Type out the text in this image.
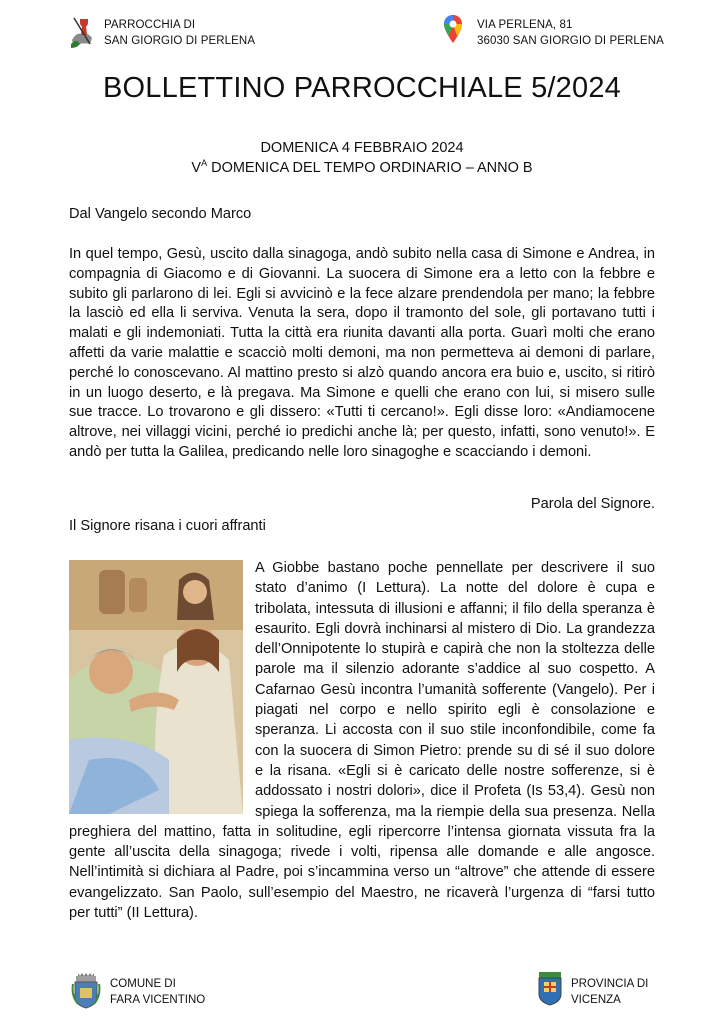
PARROCCHIA DI
SAN GIORGIO DI PERLENA
VIA PERLENA, 81
36030 SAN GIORGIO DI PERLENA
BOLLETTINO PARROCCHIALE 5/2024
DOMENICA 4 FEBBRAIO 2024
$V^A$ DOMENICA DEL TEMPO ORDINARIO – ANNO B
Dal Vangelo secondo Marco
In quel tempo, Gesù, uscito dalla sinagoga, andò subito nella casa di Simone e Andrea, in compagnia di Giacomo e di Giovanni. La suocera di Simone era a letto con la febbre e subito gli parlarono di lei. Egli si avvicinò e la fece alzare prendendola per mano; la febbre la lasciò ed ella li serviva. Venuta la sera, dopo il tramonto del sole, gli portavano tutti i malati e gli indemoniati. Tutta la città era riunita davanti alla porta. Guarì molti che erano affetti da varie malattie e scacciò molti demoni, ma non permetteva ai demoni di parlare, perché lo conoscevano. Al mattino presto si alzò quando ancora era buio e, uscito, si ritirò in un luogo deserto, e là pregava. Ma Simone e quelli che erano con lui, si misero sulle sue tracce. Lo trovarono e gli dissero: «Tutti ti cercano!». Egli disse loro: «Andiamocene altrove, nei villaggi vicini, perché io predichi anche là; per questo, infatti, sono venuto!». E andò per tutta la Galilea, predicando nelle loro sinagoghe e scacciando i demoni.
Parola del Signore.
Il Signore risana i cuori affranti
A Giobbe bastano poche pennellate per descrivere il suo stato d’animo (I Lettura). La notte del dolore è cupa e tribolata, intessuta di illusioni e affanni; il filo della speranza è esaurito. Egli dovrà inchinarsi al mistero di Dio. La grandezza dell’Onnipotente lo stupirà e capirà che non la stoltezza delle parole ma il silenzio adorante s’addice al suo cospetto. A Cafarnao Gesù incontra l’umanità sofferente (Vangelo). Per i piagati nel corpo e nello spirito egli è consolazione e speranza. Li accosta con il suo stile inconfondibile, come fa con la suocera di Simon Pietro: prende su di sé il suo dolore e la risana. «Egli si è caricato delle nostre sofferenze, si è addossato i nostri dolori», dice il Profeta (Is 53,4). Gesù non spiega la sofferenza, ma la riempie della sua presenza. Nella preghiera del mattino, fatta in solitudine, egli ripercorre l’intensa giornata vissuta fra la gente all’uscita della sinagoga; rivede i volti, ripensa alle domande e alle angosce. Nell’intimità si dichiara al Padre, poi s’incammina verso un “altrove” che attende di essere evangelizzato. San Paolo, sull’esempio del Maestro, ne ricaverà l’urgenza di “farsi tutto per tutti” (II Lettura).
COMUNE DI
FARA VICENTINO
PROVINCIA DI
VICENZA
